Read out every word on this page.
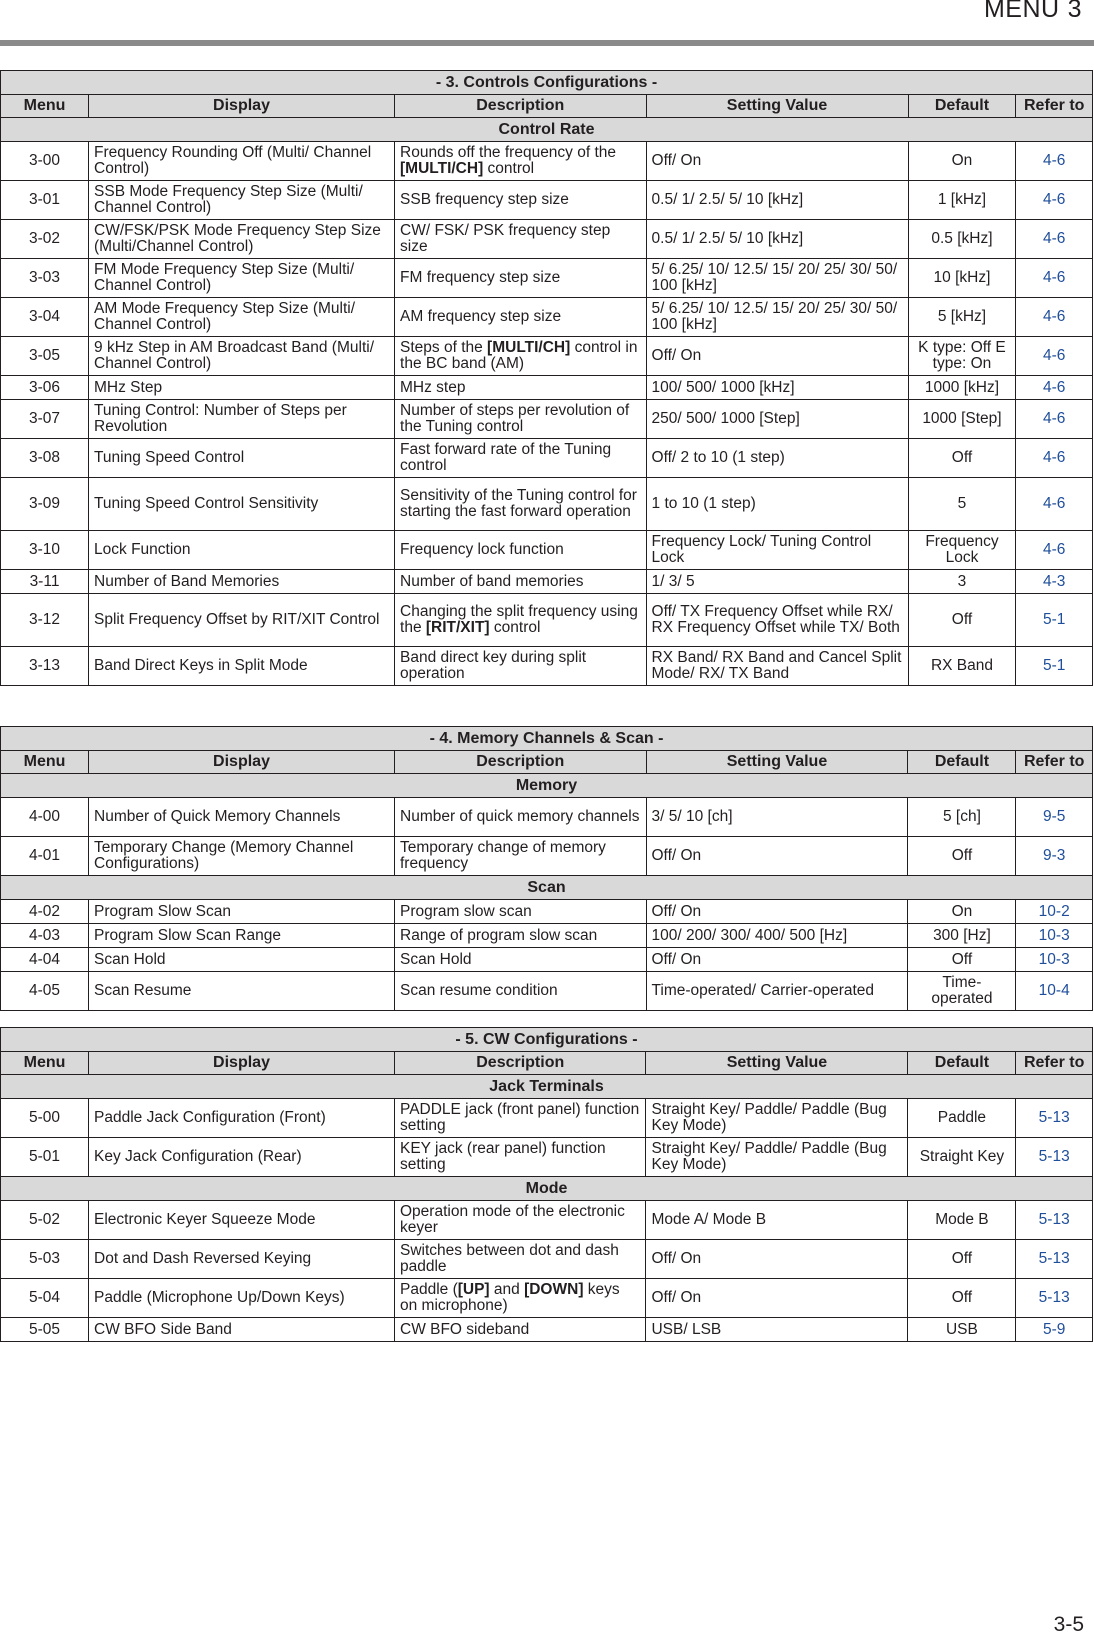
MENU 3
- 3. Controls Configurations -					
Menu	Display	Description	Setting Value	Default	Refer to
Control Rate					
3-00	Frequency Rounding Off (Multi/ Channel Control)	Rounds off the frequency of the [MULTI/CH] control	Off/ On	On	4-6
3-01	SSB Mode Frequency Step Size (Multi/ Channel Control)	SSB frequency step size	0.5/ 1/ 2.5/ 5/ 10 [kHz]	1 [kHz]	4-6
3-02	CW/FSK/PSK Mode Frequency Step Size (Multi/Channel Control)	CW/ FSK/ PSK frequency step size	0.5/ 1/ 2.5/ 5/ 10 [kHz]	0.5 [kHz]	4-6
3-03	FM Mode Frequency Step Size (Multi/ Channel Control)	FM frequency step size	5/ 6.25/ 10/ 12.5/ 15/ 20/ 25/ 30/ 50/ 100 [kHz]	10 [kHz]	4-6
3-04	AM Mode Frequency Step Size (Multi/ Channel Control)	AM frequency step size	5/ 6.25/ 10/ 12.5/ 15/ 20/ 25/ 30/ 50/ 100 [kHz]	5 [kHz]	4-6
3-05	9 kHz Step in AM Broadcast Band (Multi/ Channel Control)	Steps of the [MULTI/CH] control in the BC band (AM)	Off/ On	K type: Off E type: On	4-6
3-06	MHz Step	MHz step	100/ 500/ 1000 [kHz]	1000 [kHz]	4-6
3-07	Tuning Control: Number of Steps per Revolution	Number of steps per revolution of the Tuning control	250/ 500/ 1000 [Step]	1000 [Step]	4-6
3-08	Tuning Speed Control	Fast forward rate of the Tuning control	Off/ 2 to 10 (1 step)	Off	4-6
3-09	Tuning Speed Control Sensitivity	Sensitivity of the Tuning control for starting the fast forward operation	1 to 10 (1 step)	5	4-6
3-10	Lock Function	Frequency lock function	Frequency Lock/ Tuning Control Lock	Frequency Lock	4-6
3-11	Number of Band Memories	Number of band memories	1/ 3/ 5	3	4-3
3-12	Split Frequency Offset by RIT/XIT Control	Changing the split frequency using the [RIT/XIT] control	Off/ TX Frequency Offset while RX/ RX Frequency Offset while TX/ Both	Off	5-1
3-13	Band Direct Keys in Split Mode	Band direct key during split operation	RX Band/ RX Band and Cancel Split Mode/ RX/ TX Band	RX Band	5-1
- 4. Memory Channels & Scan -					
Menu	Display	Description	Setting Value	Default	Refer to
Memory					
4-00	Number of Quick Memory Channels	Number of quick memory channels	3/ 5/ 10 [ch]	5 [ch]	9-5
4-01	Temporary Change (Memory Channel Configurations)	Temporary change of memory frequency	Off/ On	Off	9-3
Scan					
4-02	Program Slow Scan	Program slow scan	Off/ On	On	10-2
4-03	Program Slow Scan Range	Range of program slow scan	100/ 200/ 300/ 400/ 500 [Hz]	300 [Hz]	10-3
4-04	Scan Hold	Scan Hold	Off/ On	Off	10-3
4-05	Scan Resume	Scan resume condition	Time-operated/ Carrier-operated	Time-operated	10-4
- 5. CW Configurations -					
Menu	Display	Description	Setting Value	Default	Refer to
Jack Terminals					
5-00	Paddle Jack Configuration (Front)	PADDLE jack (front panel) function setting	Straight Key/ Paddle/ Paddle (Bug Key Mode)	Paddle	5-13
5-01	Key Jack Configuration (Rear)	KEY jack (rear panel) function setting	Straight Key/ Paddle/ Paddle (Bug Key Mode)	Straight Key	5-13
Mode					
5-02	Electronic Keyer Squeeze Mode	Operation mode of the electronic keyer	Mode A/ Mode B	Mode B	5-13
5-03	Dot and Dash Reversed Keying	Switches between dot and dash paddle	Off/ On	Off	5-13
5-04	Paddle (Microphone Up/Down Keys)	Paddle ([UP] and [DOWN] keys on microphone)	Off/ On	Off	5-13
5-05	CW BFO Side Band	CW BFO sideband	USB/ LSB	USB	5-9
3-5
